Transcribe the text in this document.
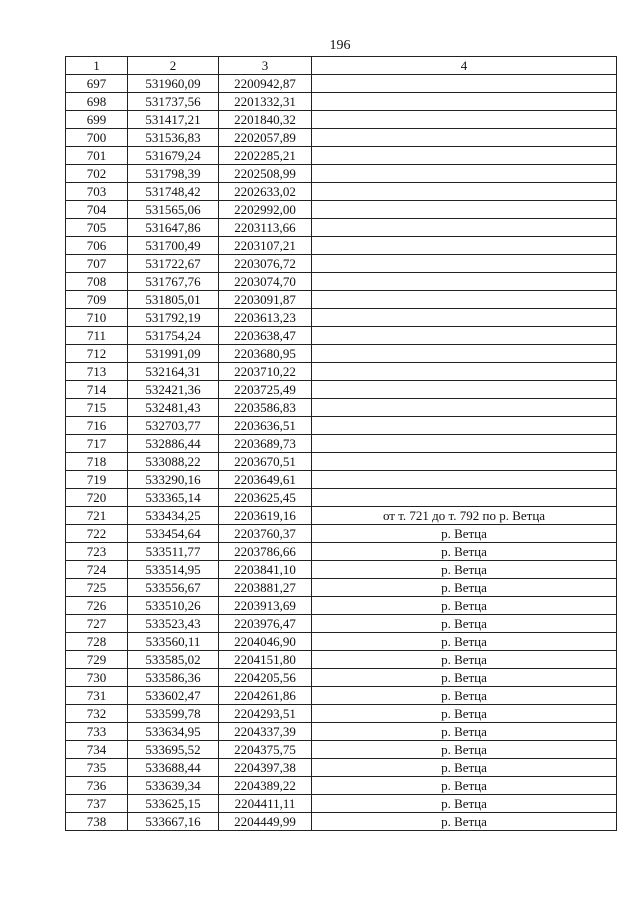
196
1	2	3	4
697	531960,09	2200942,87	
698	531737,56	2201332,31	
699	531417,21	2201840,32	
700	531536,83	2202057,89	
701	531679,24	2202285,21	
702	531798,39	2202508,99	
703	531748,42	2202633,02	
704	531565,06	2202992,00	
705	531647,86	2203113,66	
706	531700,49	2203107,21	
707	531722,67	2203076,72	
708	531767,76	2203074,70	
709	531805,01	2203091,87	
710	531792,19	2203613,23	
711	531754,24	2203638,47	
712	531991,09	2203680,95	
713	532164,31	2203710,22	
714	532421,36	2203725,49	
715	532481,43	2203586,83	
716	532703,77	2203636,51	
717	532886,44	2203689,73	
718	533088,22	2203670,51	
719	533290,16	2203649,61	
720	533365,14	2203625,45	
721	533434,25	2203619,16	от т. 721 до т. 792 по р. Ветца
722	533454,64	2203760,37	р. Ветца
723	533511,77	2203786,66	р. Ветца
724	533514,95	2203841,10	р. Ветца
725	533556,67	2203881,27	р. Ветца
726	533510,26	2203913,69	р. Ветца
727	533523,43	2203976,47	р. Ветца
728	533560,11	2204046,90	р. Ветца
729	533585,02	2204151,80	р. Ветца
730	533586,36	2204205,56	р. Ветца
731	533602,47	2204261,86	р. Ветца
732	533599,78	2204293,51	р. Ветца
733	533634,95	2204337,39	р. Ветца
734	533695,52	2204375,75	р. Ветца
735	533688,44	2204397,38	р. Ветца
736	533639,34	2204389,22	р. Ветца
737	533625,15	2204411,11	р. Ветца
738	533667,16	2204449,99	р. Ветца
